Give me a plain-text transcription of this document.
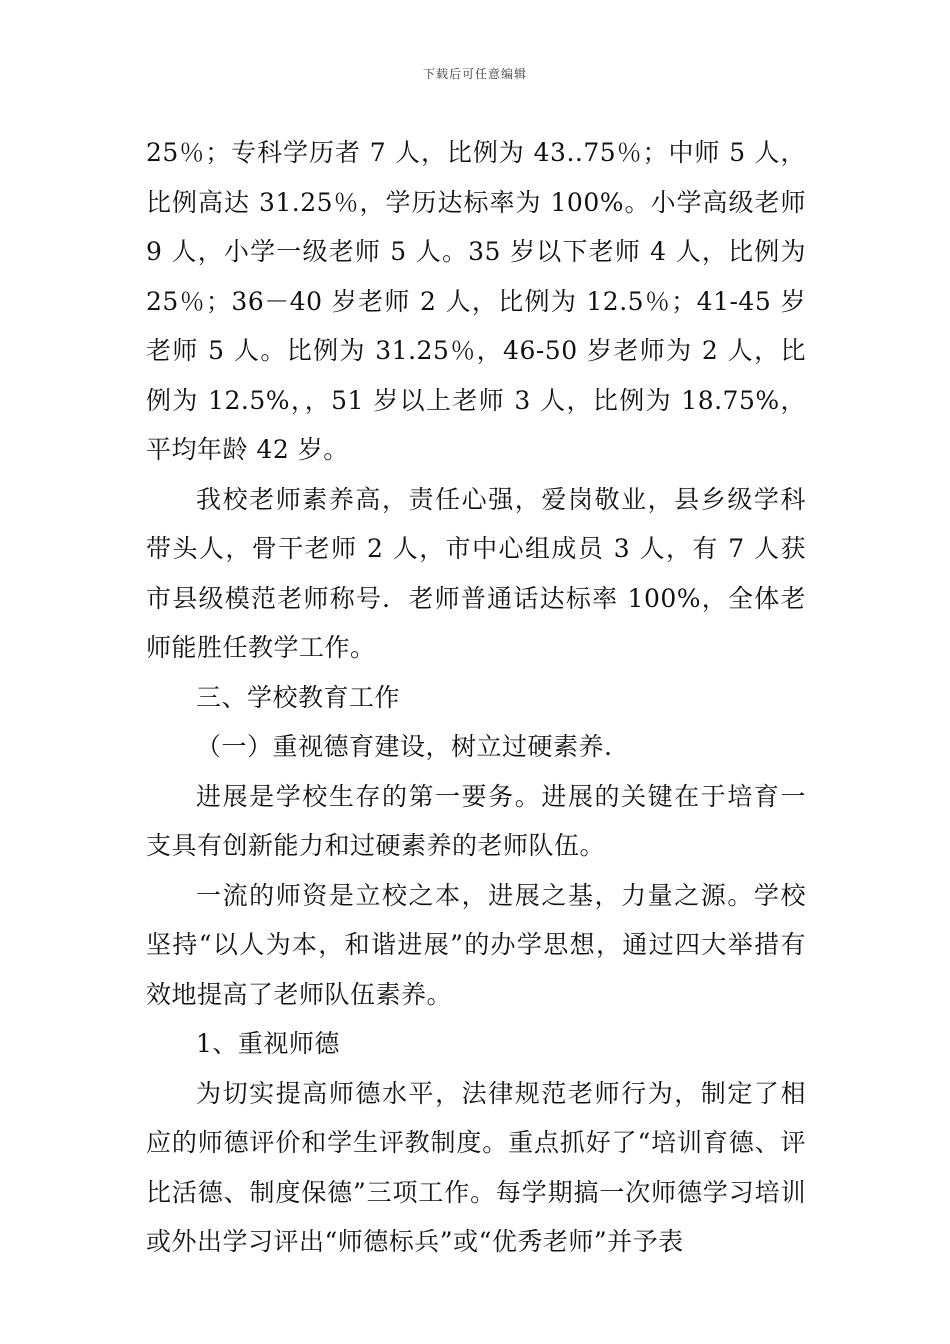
下载后可任意编辑

25％；专科学历者 7 人，比例为 43..75％；中师 5 人，比例高达 31.25％，学历达标率为 100%。小学高级老师 9 人，小学一级老师 5 人。35 岁以下老师 4 人，比例为 25％；36－40 岁老师 2 人，比例为 12.5％；41-45 岁老师 5 人。比例为 31.25％，46-50 岁老师为 2 人，比例为 12.5%，，51 岁以上老师 3 人，比例为 18.75%，平均年龄 42 岁。

我校老师素养高，责任心强，爱岗敬业，县乡级学科带头人，骨干老师 2 人，市中心组成员 3 人，有 7 人获市县级模范老师称号．老师普通话达标率 100%，全体老师能胜任教学工作。

三、学校教育工作

（一）重视德育建设，树立过硬素养.

进展是学校生存的第一要务。进展的关键在于培育一支具有创新能力和过硬素养的老师队伍。

一流的师资是立校之本，进展之基，力量之源。学校坚持“以人为本，和谐进展”的办学思想，通过四大举措有效地提高了老师队伍素养。

1、重视师德

为切实提高师德水平，法律规范老师行为，制定了相应的师德评价和学生评教制度。重点抓好了“培训育德、评比活德、制度保德”三项工作。每学期搞一次师德学习培训或外出学习评出“师德标兵”或“优秀老师”并予表
